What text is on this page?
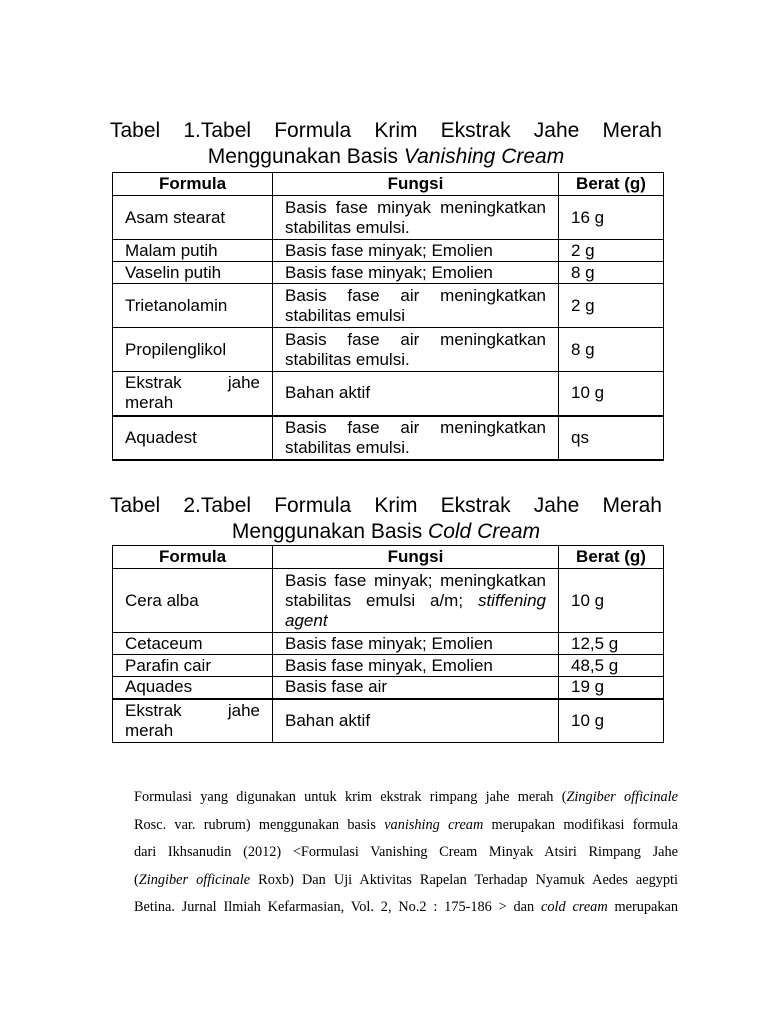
Tabel 1.Tabel Formula Krim Ekstrak Jahe Merah
Menggunakan Basis Vanishing Cream
Formula	Fungsi	Berat (g)
Asam stearat	Basis fase minyak meningkatkan stabilitas emulsi.	16 g
Malam putih	Basis fase minyak; Emolien	2 g
Vaselin putih	Basis fase minyak; Emolien	8 g
Trietanolamin	Basis fase air meningkatkan stabilitas emulsi	2 g
Propilenglikol	Basis fase air meningkatkan stabilitas emulsi.	8 g
Ekstrak jahe merah	Bahan aktif	10 g
Aquadest	Basis fase air meningkatkan stabilitas emulsi.	qs
Tabel 2.Tabel Formula Krim Ekstrak Jahe Merah
Menggunakan Basis Cold Cream
Formula	Fungsi	Berat (g)
Cera alba	Basis fase minyak; meningkatkan stabilitas emulsi a/m; stiffening agent	10 g
Cetaceum	Basis fase minyak; Emolien	12,5 g
Parafin cair	Basis fase minyak, Emolien	48,5 g
Aquades	Basis fase air	19 g
Ekstrak jahe merah	Bahan aktif	10 g
Formulasi yang digunakan untuk krim ekstrak rimpang jahe merah (Zingiber officinale
Rosc. var. rubrum) menggunakan basis vanishing cream merupakan modifikasi formula
dari Ikhsanudin (2012) <Formulasi Vanishing Cream Minyak Atsiri Rimpang Jahe
(Zingiber officinale Roxb) Dan Uji Aktivitas Rapelan Terhadap Nyamuk Aedes aegypti
Betina. Jurnal Ilmiah Kefarmasian, Vol. 2, No.2 : 175-186 > dan cold cream merupakan
